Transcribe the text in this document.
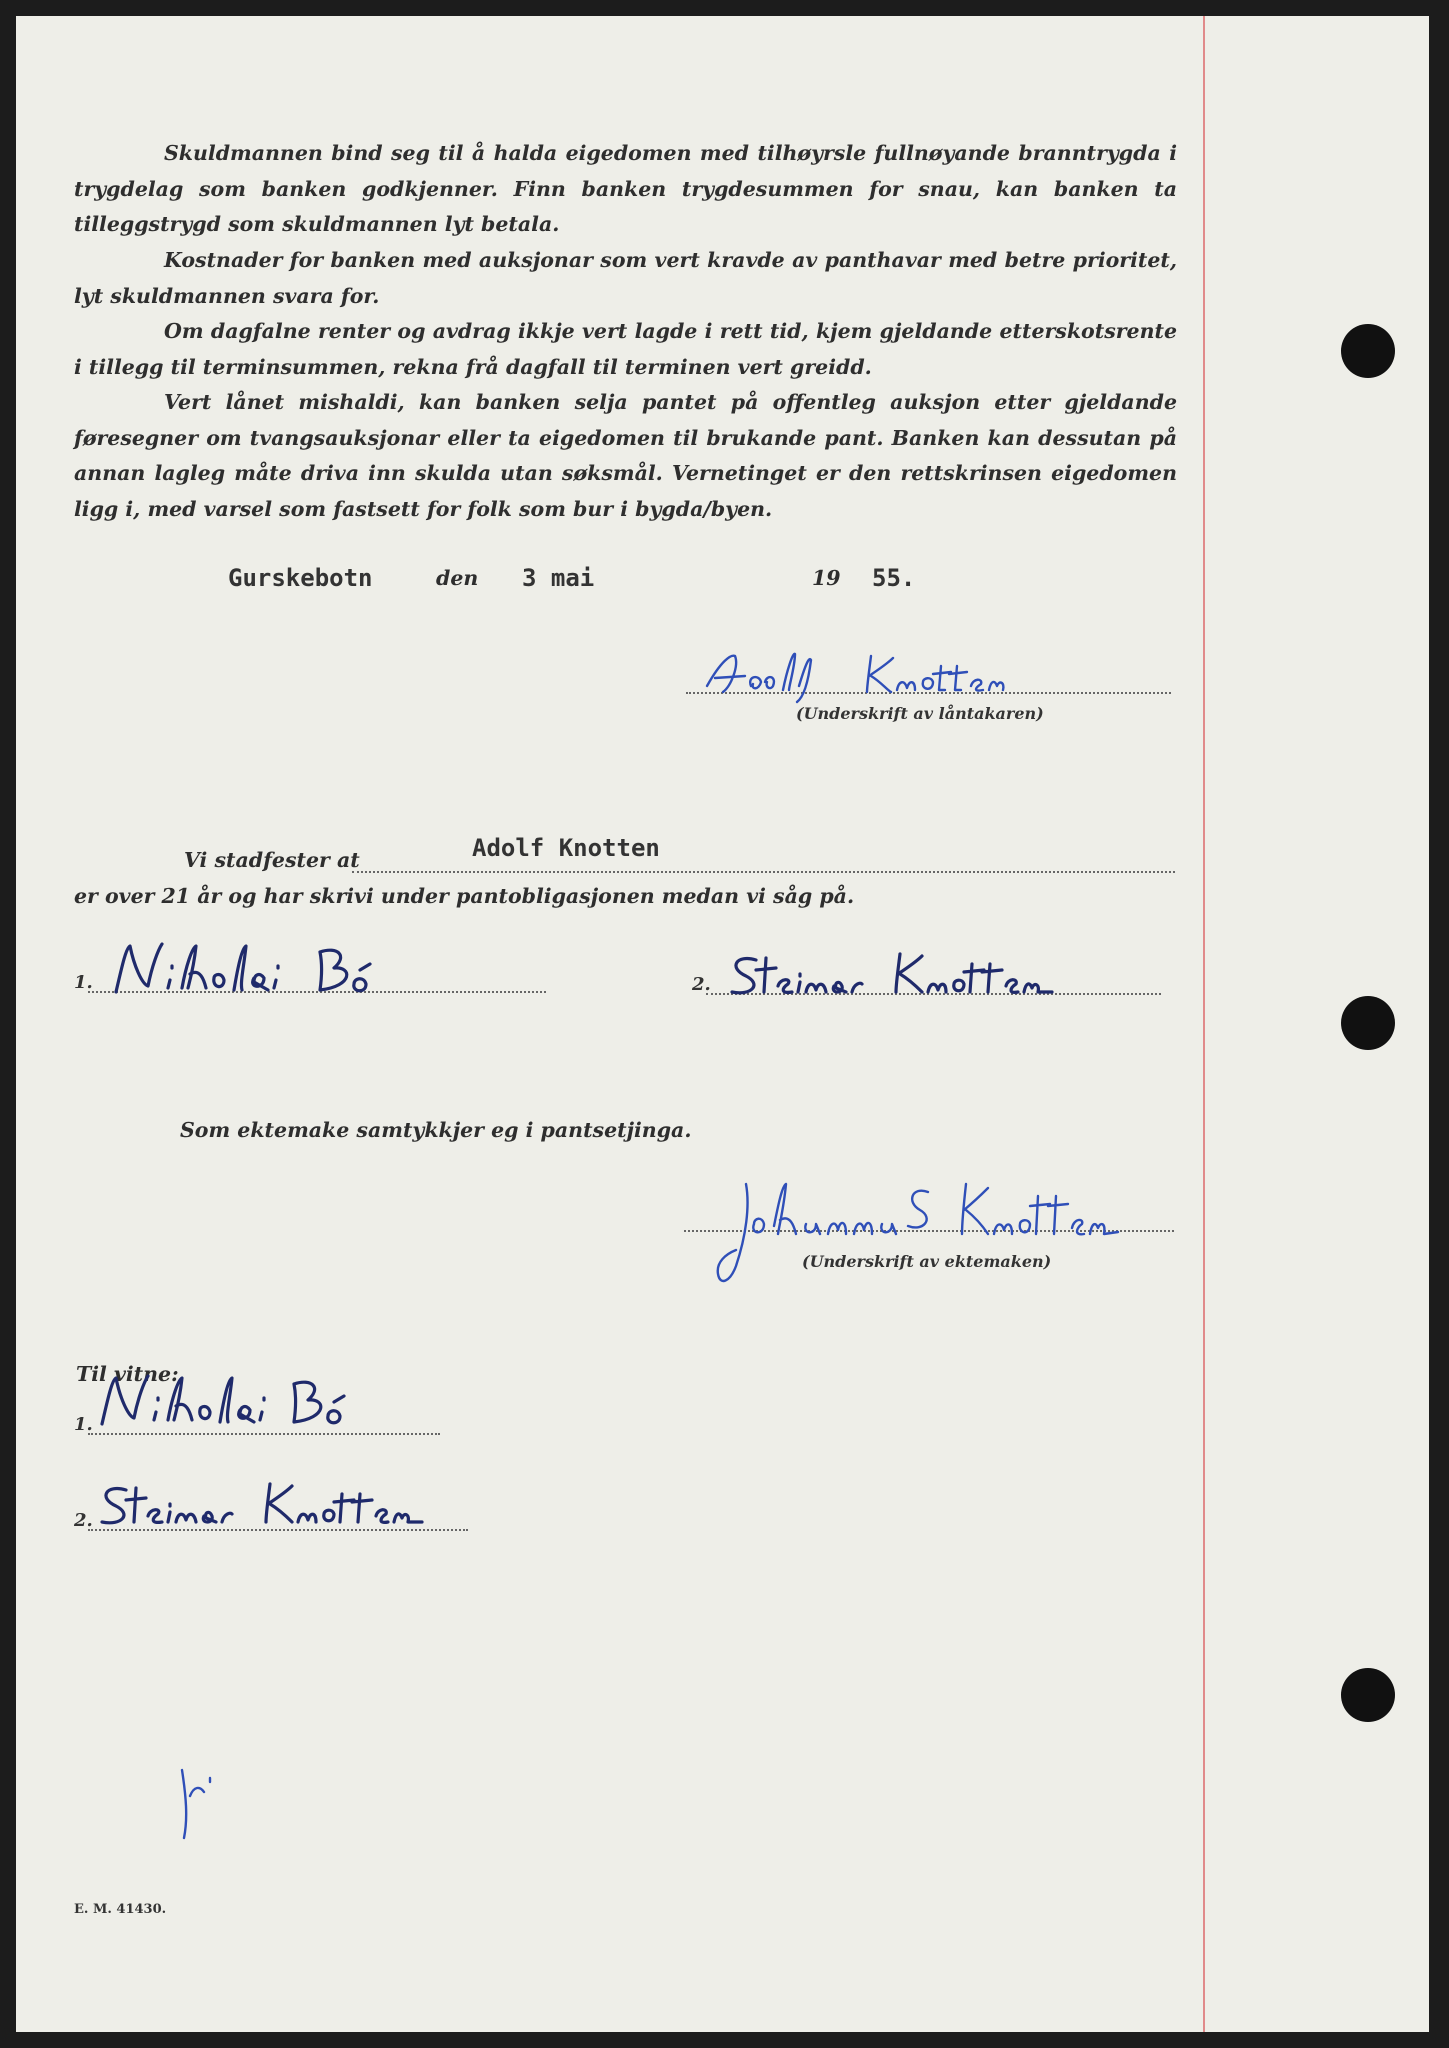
Skuldmannen bind seg til å halda eigedomen med tilhøyrsle fullnøyande branntrygda i trygdelag som banken godkjenner. Finn banken trygdesummen for snau, kan banken ta tilleggstrygd som skuldmannen lyt betala.
Kostnader for banken med auksjonar som vert kravde av panthavar med betre prioritet, lyt skuldmannen svara for.
Om dagfalne renter og avdrag ikkje vert lagde i rett tid, kjem gjeldande etterskotsrente i tillegg til terminsummen, rekna frå dagfall til terminen vert greidd.
Vert lånet mishaldi, kan banken selja pantet på offentleg auksjon etter gjeldande føresegner om tvangsauksjonar eller ta eigedomen til brukande pant. Banken kan dessutan på annan lagleg måte driva inn skulda utan søksmål. Vernetinget er den rettskrinsen eigedomen ligg i, med varsel som fastsett for folk som bur i bygda/byen.
Gurskebotn	den 3 mai	19 55.
(Underskrift av låntakaren)
Vi stadfester at	Adolf Knotten
er over 21 år og har skrivi under pantobligasjonen medan vi såg på.
1.	2.
Som ektemake samtykkjer eg i pantsetjinga.
(Underskrift av ektemaken)
Til vitne:
1.
2.
E. M. 41430.
